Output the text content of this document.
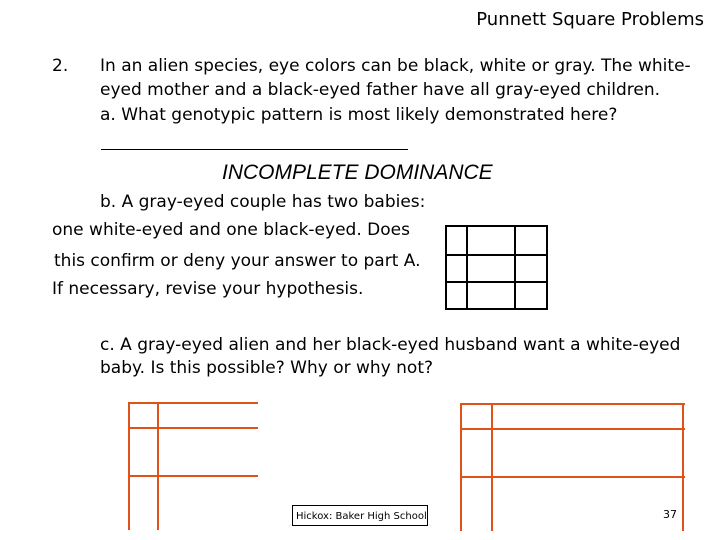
Punnett Square Problems
2. In an alien species, eye colors can be black, white or gray. The white-
eyed mother and a black-eyed father have all gray-eyed children.
a. What genotypic pattern is most likely demonstrated here?
INCOMPLETE DOMINANCE
b. A gray-eyed couple has two babies:
one white-eyed and one black-eyed. Does
this confirm or deny your answer to part A.
If necessary, revise your hypothesis.
c. A gray-eyed alien and her black-eyed husband want a white-eyed
baby. Is this possible? Why or why not?
Hickox: Baker High School	37
